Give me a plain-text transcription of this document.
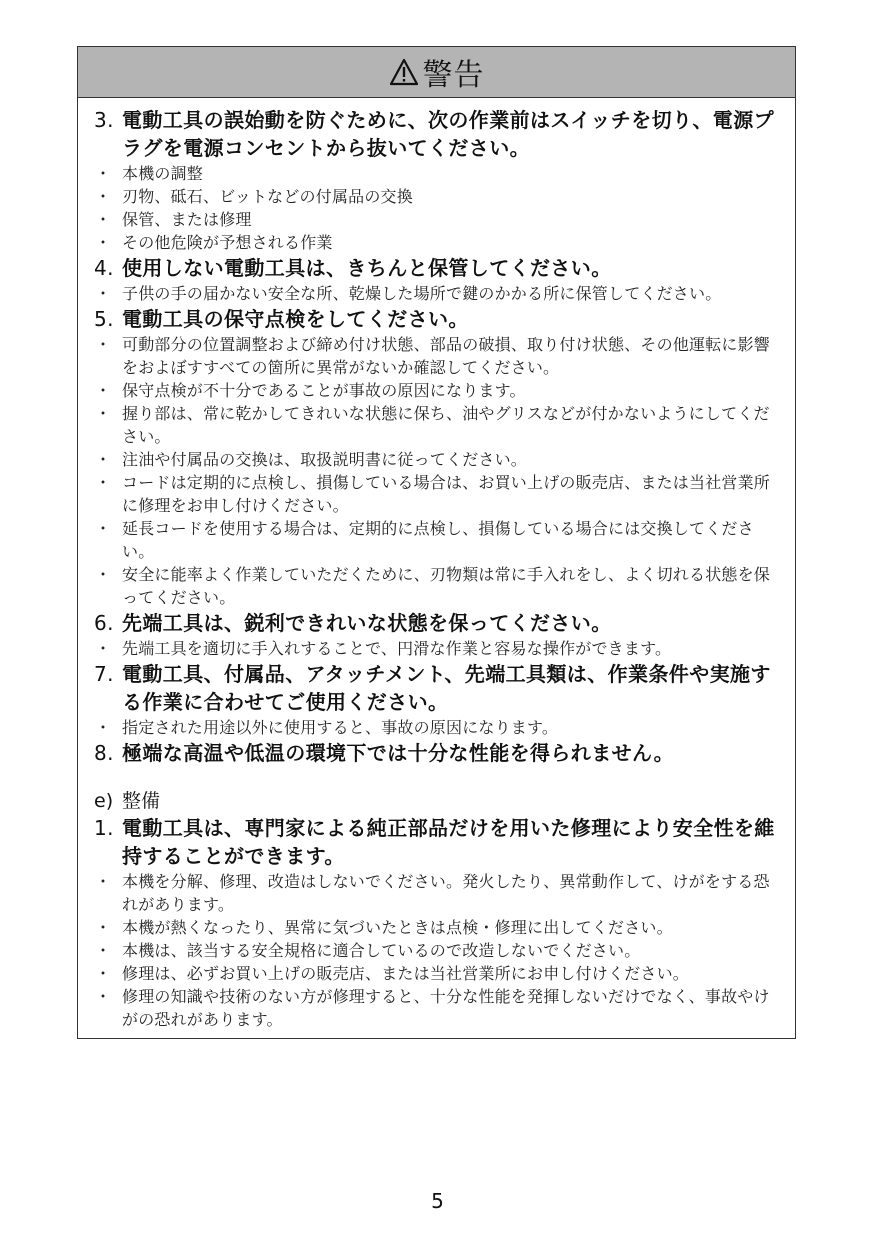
警告
3. 電動工具の誤始動を防ぐために、次の作業前はスイッチを切り、電源プラグを電源コンセントから抜いてください。
・ 本機の調整
・ 刃物、砥石、ビットなどの付属品の交換
・ 保管、または修理
・ その他危険が予想される作業
4. 使用しない電動工具は、きちんと保管してください。
・ 子供の手の届かない安全な所、乾燥した場所で鍵のかかる所に保管してください。
5. 電動工具の保守点検をしてください。
・ 可動部分の位置調整および締め付け状態、部品の破損、取り付け状態、その他運転に影響をおよぼすすべての箇所に異常がないか確認してください。
・ 保守点検が不十分であることが事故の原因になります。
・ 握り部は、常に乾かしてきれいな状態に保ち、油やグリスなどが付かないようにしてください。
・ 注油や付属品の交換は、取扱説明書に従ってください。
・ コードは定期的に点検し、損傷している場合は、お買い上げの販売店、または当社営業所に修理をお申し付けください。
・ 延長コードを使用する場合は、定期的に点検し、損傷している場合には交換してください。
・ 安全に能率よく作業していただくために、刃物類は常に手入れをし、よく切れる状態を保ってください。
6. 先端工具は、鋭利できれいな状態を保ってください。
・ 先端工具を適切に手入れすることで、円滑な作業と容易な操作ができます。
7. 電動工具、付属品、アタッチメント、先端工具類は、作業条件や実施する作業に合わせてご使用ください。
・ 指定された用途以外に使用すると、事故の原因になります。
8. 極端な高温や低温の環境下では十分な性能を得られません。
e) 整備
1. 電動工具は、専門家による純正部品だけを用いた修理により安全性を維持することができます。
・ 本機を分解、修理、改造はしないでください。発火したり、異常動作して、けがをする恐れがあります。
・ 本機が熱くなったり、異常に気づいたときは点検・修理に出してください。
・ 本機は、該当する安全規格に適合しているので改造しないでください。
・ 修理は、必ずお買い上げの販売店、または当社営業所にお申し付けください。
・ 修理の知識や技術のない方が修理すると、十分な性能を発揮しないだけでなく、事故やけがの恐れがあります。
5
